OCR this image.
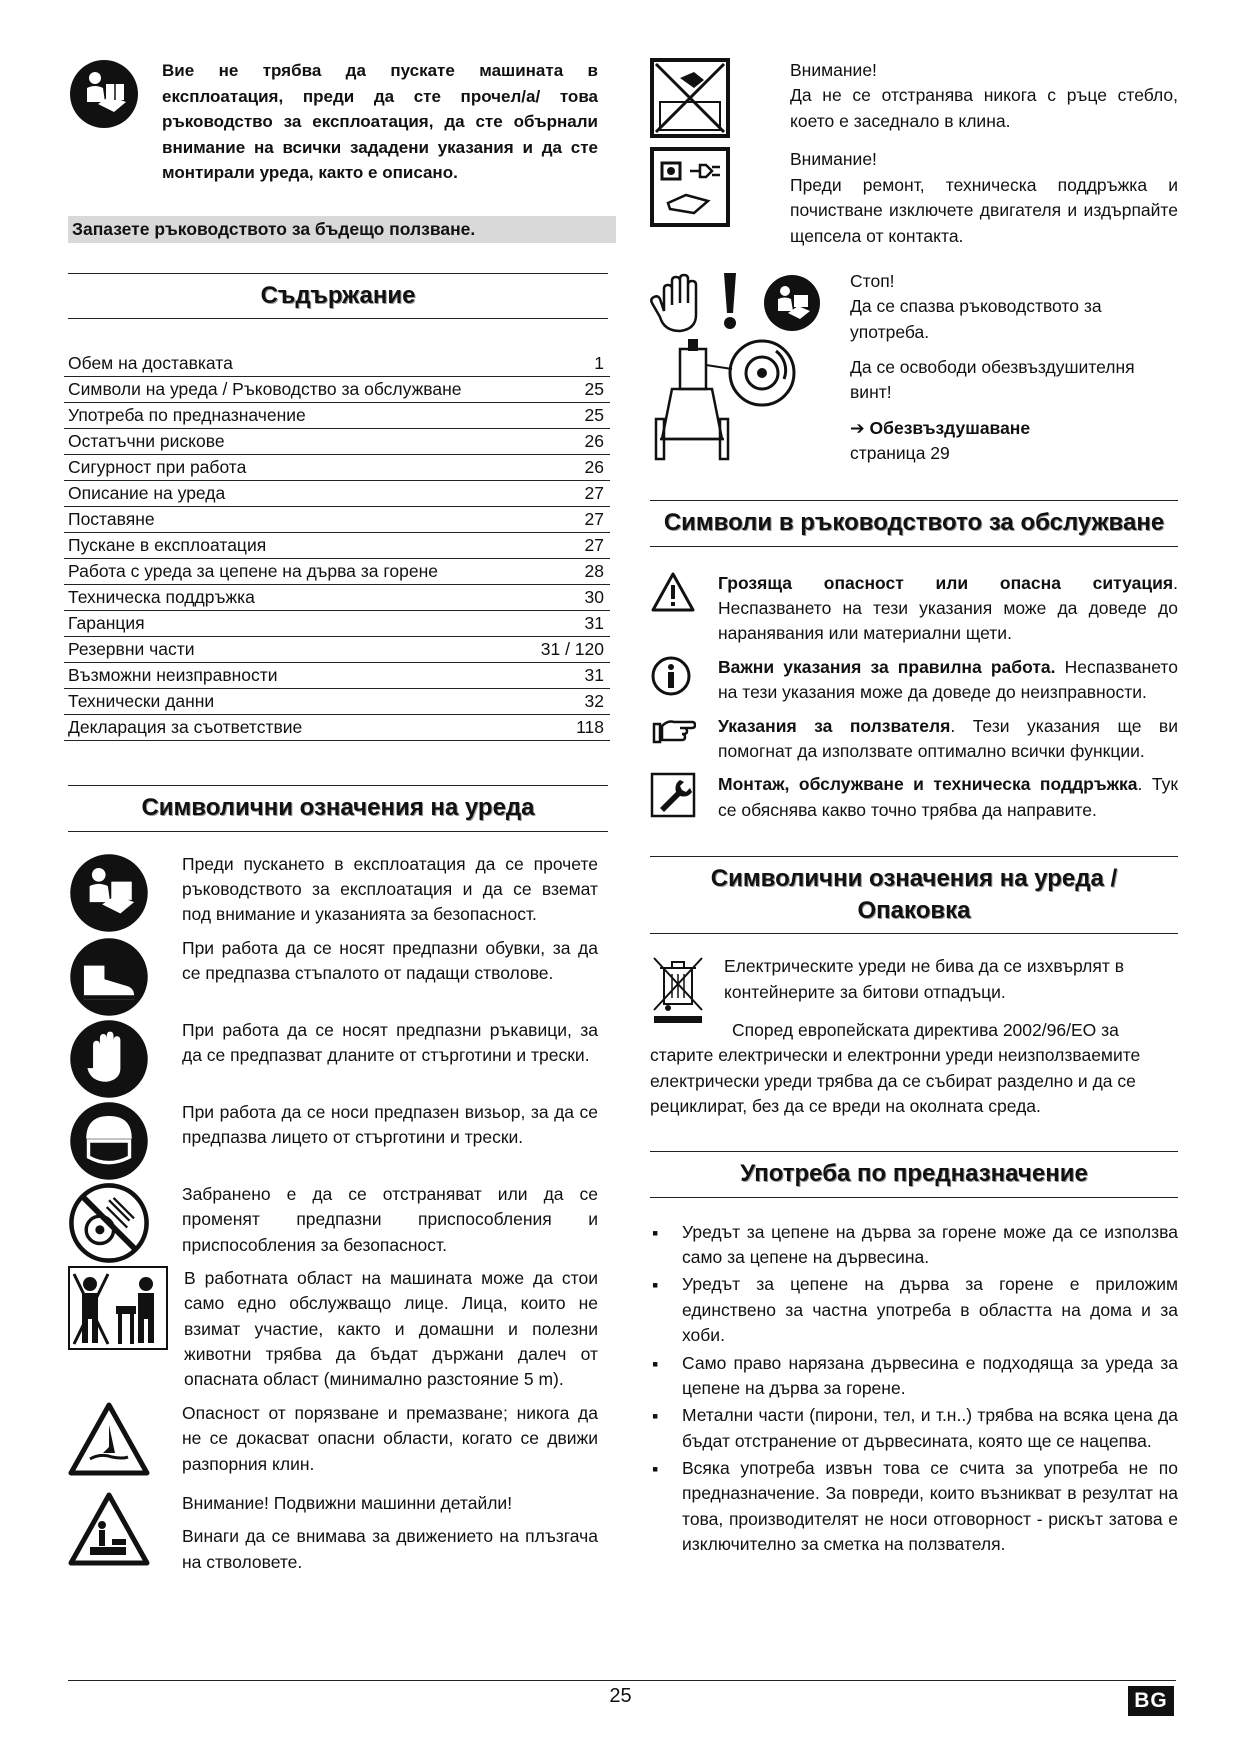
Вие не трябва да пускате машината в експлоатация, преди да сте прочел/а/ това ръководство за експлоатация, да сте обърнали внимание на всички зададени указания и да сте монтирали уреда, както е описано.
Запазете ръководството за бъдещо ползване.
Съдържание
Обем на доставката	1
Символи на уреда / Ръководство за обслужване	25
Употреба по предназначение	25
Остатъчни рискове	26
Сигурност при работа	26
Описание на уреда	27
Поставяне	27
Пускане в експлоатация	27
Работа с уреда за цепене на дърва за горене	28
Техническа поддръжка	30
Гаранция	31
Резервни части	31 / 120
Възможни неизправности	31
Технически данни	32
Декларация за съответствие	118
Символични означения на уреда

Преди пускането в експлоатация да се прочете ръководството за експлоатация и да се вземат под внимание и указанията за безопасност.

При работа да се носят предпазни обувки, за да се предпазва стъпалото от падащи стволове.

При работа да се носят предпазни ръкавици, за да се предпазват дланите от стърготини и трески.

При работа да се носи предпазен визьор, за да се предпазва лицето от стърготини и трески.

Забранено е да се отстраняват или да се променят предпазни приспособления и приспособления за безопасност.

В работната област на машината може да стои само едно обслужващо лице. Лица, които не взимат участие, както и домашни и полезни животни трябва да бъдат държани далеч от опасната област (минимално разстояние 5 m).

Опасност от порязване и премазване; никога да не се докасват опасни области, когато се движи разпорния клин.

Внимание! Подвижни машинни детайли!

Винаги да се внимава за движението на плъзгача на стволовете.

Внимание!

Да не се отстранява никога с ръце стебло, което е заседнало в клина.

Внимание!

Преди ремонт, техническа поддръжка и почистване изключете двигателя и издърпайте щепсела от контакта.

Стоп!

Да се спазва ръководството за употреба.

Да се освободи обезвъздушителня винт!

➔ Обезвъздушаване

страница 29

Символи в ръководството за обслужване
Грозяща опасност или опасна ситуация. Неспазването на тези указания може да доведе до наранявания или материални щети.
Важни указания за правилна работа. Неспазването на тези указания може да доведе до неизправности.
Указания за ползвателя. Тези указания ще ви помогнат да използвате оптимално всички функции.
Монтаж, обслужване и техническа поддръжка. Тук се обяснява какво точно трябва да направите.
Символични означения на уреда / Опаковка
Електрическите уреди не бива да се изхвърлят в контейнерите за битови отпадъци.
Според европейската директива 2002/96/EO за старите електрически и електронни уреди неизползваемите електрически уреди трябва да се събират разделно и да се рециклират, без да се вреди на околната среда.
Употреба по предназначение
▪ Уредът за цепене на дърва за горене може да се използва само за цепене на дървесина.
▪ Уредът за цепене на дърва за горене е приложим единствено за частна употреба в областта на дома и за хоби.
▪ Само право нарязана дървесина е подходяща за уреда за цепене на дърва за горене.
▪ Метални части (пирони, тел, и т.н..) трябва на всяка цена да бъдат отстранение от дървесината, която ще се нацепва.
▪ Всяка употреба извън това се счита за употреба не по предназначение. За повреди, които възникват в резултат на това, производителят не носи отговорност - рискът затова е изключително за сметка на ползвателя.
25	BG
